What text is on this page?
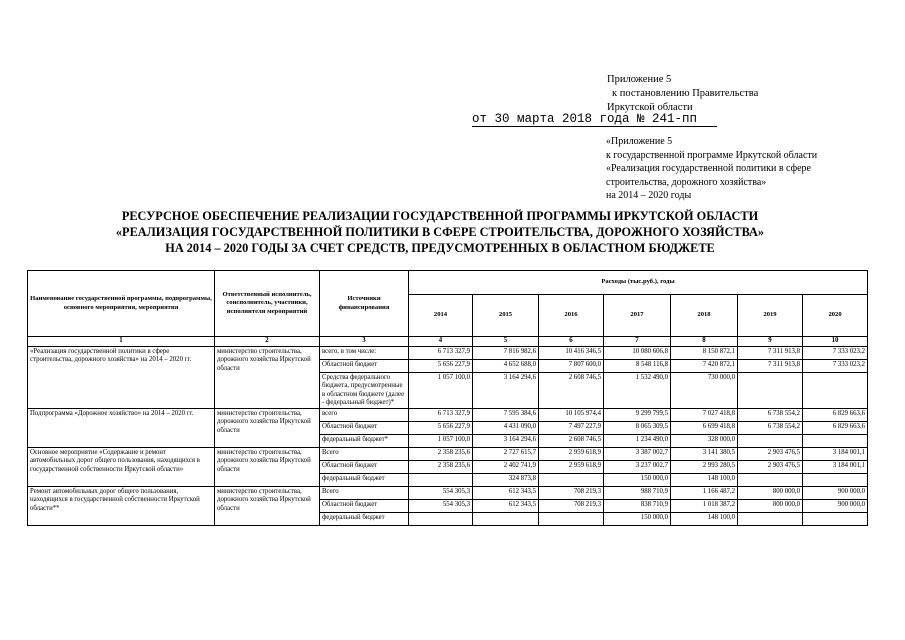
Приложение 5
к постановлению Правительства
Иркутской области
от 30 марта 2018 года № 241-пп
«Приложение 5
к государственной программе Иркутской области
«Реализация государственной политики в сфере
строительства, дорожного хозяйства»
на 2014 – 2020 годы
РЕСУРСНОЕ ОБЕСПЕЧЕНИЕ РЕАЛИЗАЦИИ ГОСУДАРСТВЕННОЙ ПРОГРАММЫ ИРКУТСКОЙ ОБЛАСТИ
«РЕАЛИЗАЦИЯ ГОСУДАРСТВЕННОЙ ПОЛИТИКИ В СФЕРЕ СТРОИТЕЛЬСТВА, ДОРОЖНОГО ХОЗЯЙСТВА»
НА 2014 – 2020 ГОДЫ ЗА СЧЕТ СРЕДСТВ, ПРЕДУСМОТРЕННЫХ В ОБЛАСТНОМ БЮДЖЕТЕ
Наименование государственной программы, подпрограммы, основного мероприятия, мероприятия	Ответственный исполнитель, соисполнитель, участники, исполнители мероприятий	Источники финансирования	Расходы (тыс.руб.), годы						
			2014	2015	2016	2017	2018	2019	2020
1	2	3	4	5	6	7	8	9	10
«Реализация государственной политики в сфере строительства, дорожного хозяйства» на 2014 – 2020 гг.	министерство строительства, дорожного хозяйства Иркутской области	всего, в том числе:	6 713 327,9	7 816 982,6	10 416 346,5	10 080 606,8	8 150 872,1	7 311 913,8	7 333 023,2
		Областной бюджет	5 656 227,9	4 652 688,0	7 807 600,0	8 548 116,8	7 420 872,1	7 311 913,8	7 333 023,2
		Средства федерального бюджета, предусмотренные в областном бюджете (далее - федеральный бюджет)*	1 057 100,0	3 164 294,6	2 608 746,5	1 532 490,0	730 000,0		
Подпрограмма «Дорожное хозяйство» на 2014 – 2020 гг.	министерство строительства, дорожного хозяйства Иркутской области	всего	6 713 327,9	7 595 384,6	10 105 974,4	9 299 799,5	7 027 418,8	6 738 554,2	6 829 663,6
		Областной бюджет	5 656 227,9	4 431 090,0	7 497 227,9	8 065 309,5	6 699 418,8	6 738 554,2	6 829 663,6
		федеральный бюджет*	1 057 100,0	3 164 294,6	2 608 746,5	1 234 490,0	328 000,0		
Основное мероприятие «Содержание и ремонт автомобильных дорог общего пользования, находящихся в государственной собственности Иркутской области»	министерство строительства, дорожного хозяйства Иркутской области	Всего	2 358 235,6	2 727 615,7	2 959 618,9	3 387 002,7	3 141 380,5	2 903 476,5	3 184 001,1
		Областной бюджет	2 358 235,6	2 402 741,9	2 959 618,9	3 237 002,7	2 993 280,5	2 903 476,5	3 184 001,1
		федеральный бюджет		324 873,8		150 000,0	148 100,0		
Ремонт автомобильных дорог общего пользования, находящихся в государственной собственности Иркутской области**	министерство строительства, дорожного хозяйства Иркутской области	Всего	554 305,3	612 343,5	708 219,3	988 710,9	1 166 487,2	800 000,0	900 000,0
		Областной бюджет	554 305,3	612 343,5	708 219,3	838 710,9	1 018 387,2	800 000,0	900 000,0
		федеральный бюджет				150 000,0	148 100,0		
